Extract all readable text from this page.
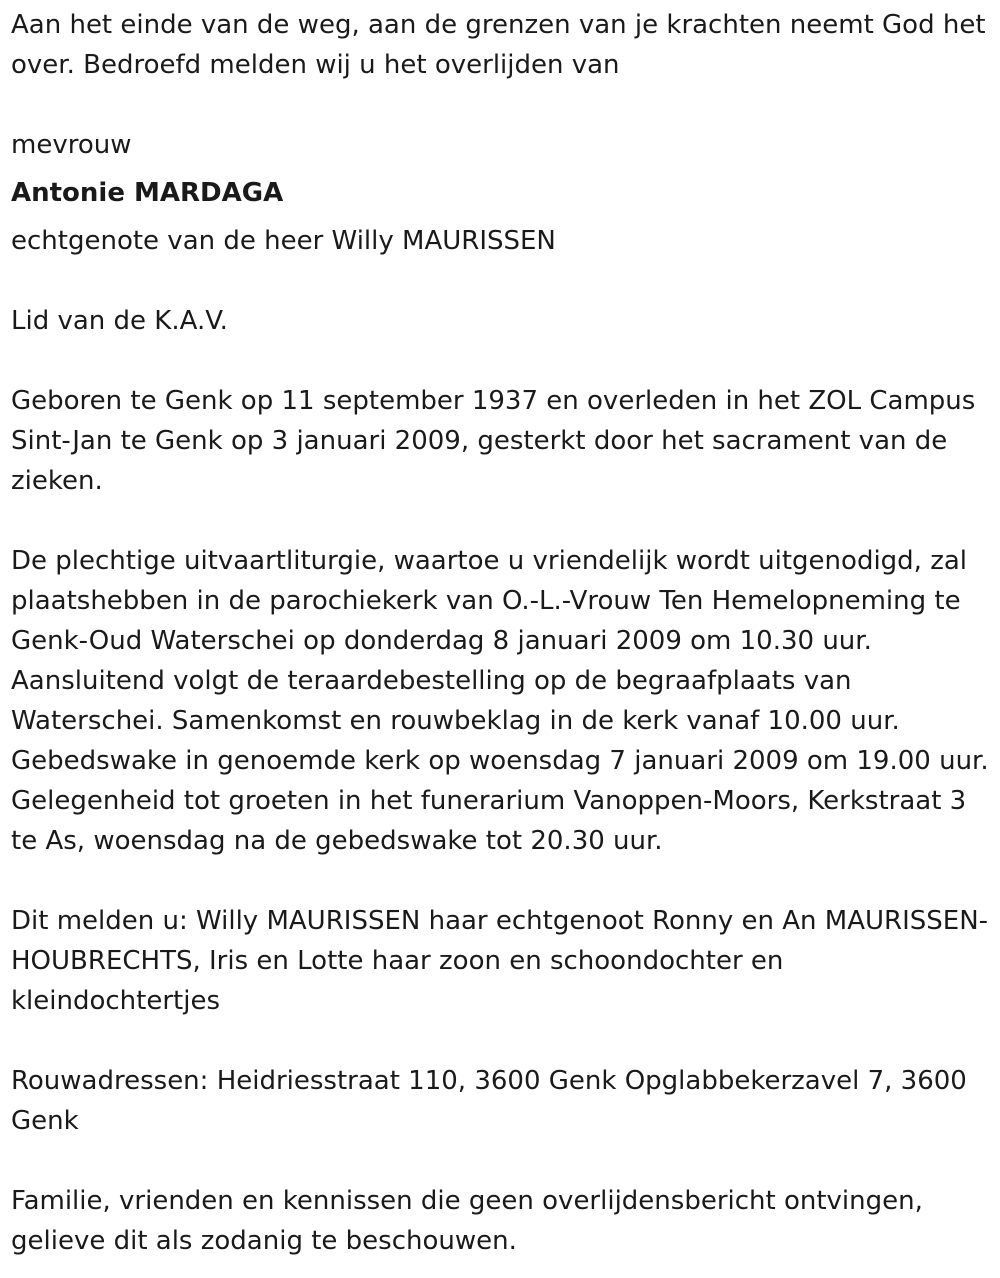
Aan het einde van de weg, aan de grenzen van je krachten neemt God het over. Bedroefd melden wij u het overlijden van

mevrouw

Antonie MARDAGA

echtgenote van de heer Willy MAURISSEN

Lid van de K.A.V.

Geboren te Genk op 11 september 1937 en overleden in het ZOL Campus Sint-Jan te Genk op 3 januari 2009, gesterkt door het sacrament van de zieken.

De plechtige uitvaartliturgie, waartoe u vriendelijk wordt uitgenodigd, zal plaatshebben in de parochiekerk van O.-L.-Vrouw Ten Hemelopneming te Genk-Oud Waterschei op donderdag 8 januari 2009 om 10.30 uur. Aansluitend volgt de teraardebestelling op de begraafplaats van Waterschei. Samenkomst en rouwbeklag in de kerk vanaf 10.00 uur. Gebedswake in genoemde kerk op woensdag 7 januari 2009 om 19.00 uur. Gelegenheid tot groeten in het funerarium Vanoppen-Moors, Kerkstraat 3 te As, woensdag na de gebedswake tot 20.30 uur.

Dit melden u: Willy MAURISSEN haar echtgenoot Ronny en An MAURISSEN-HOUBRECHTS, Iris en Lotte haar zoon en schoondochter en kleindochtertjes

Rouwadressen: Heidriesstraat 110, 3600 Genk Opglabbekerzavel 7, 3600 Genk

Familie, vrienden en kennissen die geen overlijdensbericht ontvingen, gelieve dit als zodanig te beschouwen.
